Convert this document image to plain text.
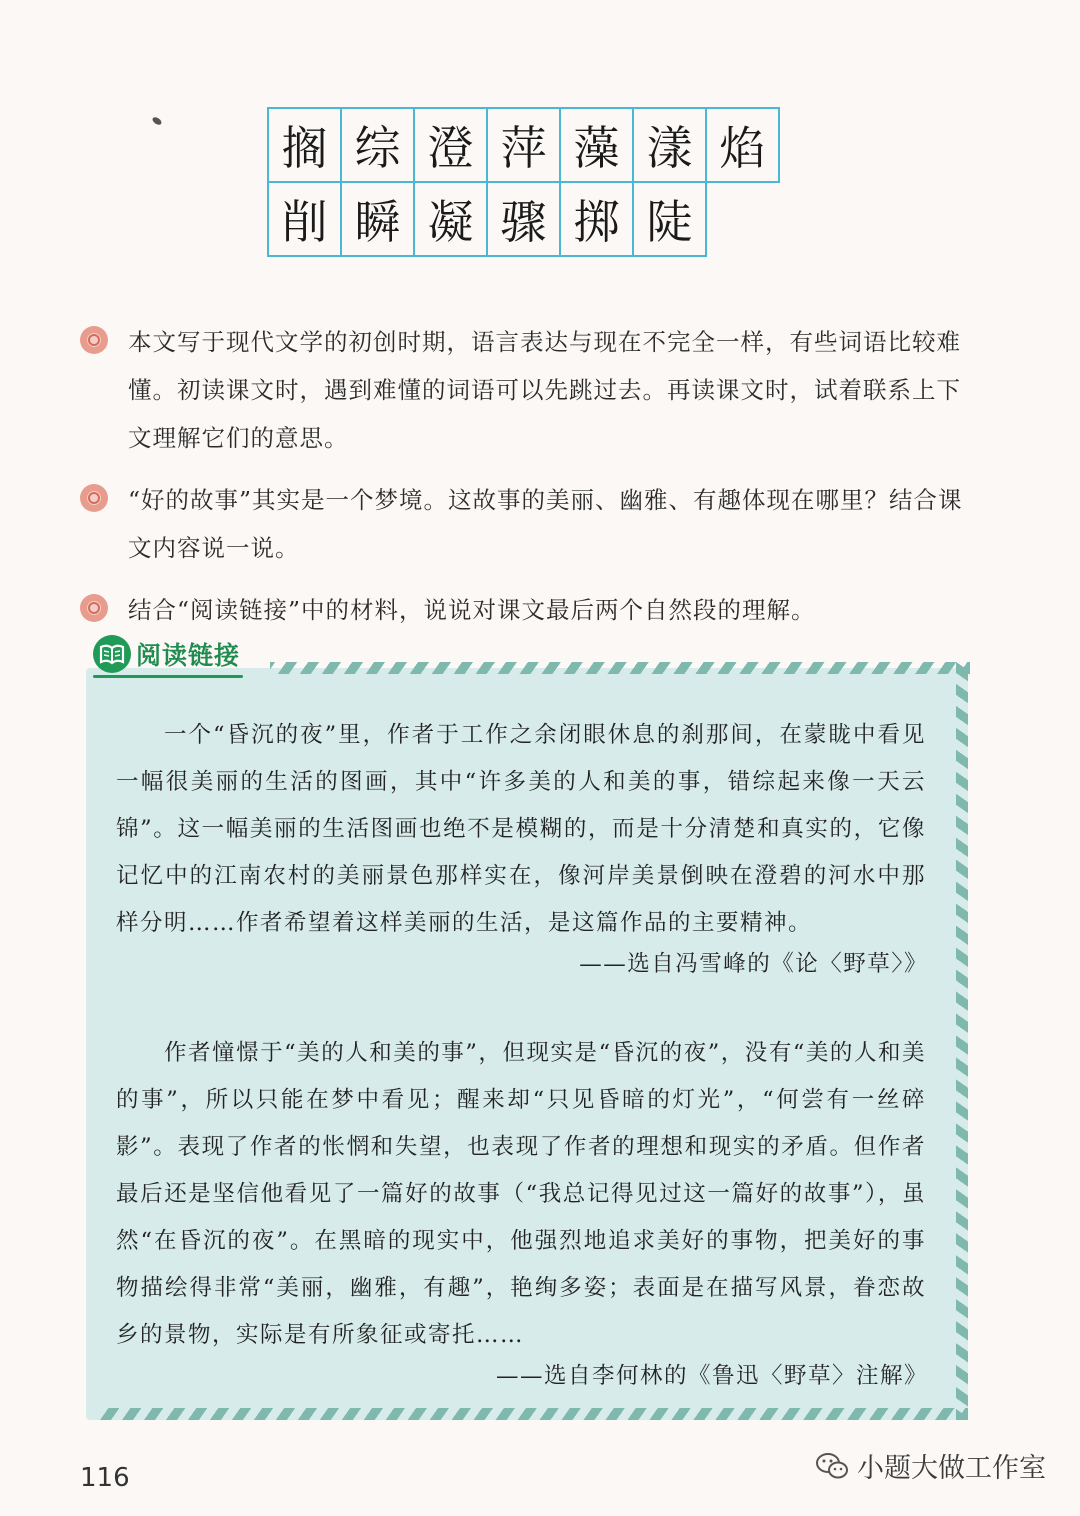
搁 综 澄 萍 藻 漾 焰
削 瞬 凝 骤 掷 陡
本文写于现代文学的初创时期，语言表达与现在不完全一样，有些词语比较难懂。初读课文时，遇到难懂的词语可以先跳过去。再读课文时，试着联系上下文理解它们的意思。
“好的故事”其实是一个梦境。这故事的美丽、幽雅、有趣体现在哪里？结合课文内容说一说。
结合“阅读链接”中的材料，说说对课文最后两个自然段的理解。
阅读链接
一个“昏沉的夜”里，作者于工作之余闭眼休息的刹那间，在蒙眬中看见一幅很美丽的生活的图画，其中“许多美的人和美的事，错综起来像一天云锦”。这一幅美丽的生活图画也绝不是模糊的，而是十分清楚和真实的，它像记忆中的江南农村的美丽景色那样实在，像河岸美景倒映在澄碧的河水中那样分明……作者希望着这样美丽的生活，是这篇作品的主要精神。
——选自冯雪峰的《论〈野草〉》
作者憧憬于“美的人和美的事”，但现实是“昏沉的夜”，没有“美的人和美的事”，所以只能在梦中看见；醒来却“只见昏暗的灯光”，“何尝有一丝碎影”。表现了作者的怅惘和失望，也表现了作者的理想和现实的矛盾。但作者最后还是坚信他看见了一篇好的故事（“我总记得见过这一篇好的故事”），虽然“在昏沉的夜”。在黑暗的现实中，他强烈地追求美好的事物，把美好的事物描绘得非常“美丽，幽雅，有趣”，艳绚多姿；表面是在描写风景，眷恋故乡的景物，实际是有所象征或寄托……
——选自李何林的《鲁迅〈野草〉注解》
116	小题大做工作室
